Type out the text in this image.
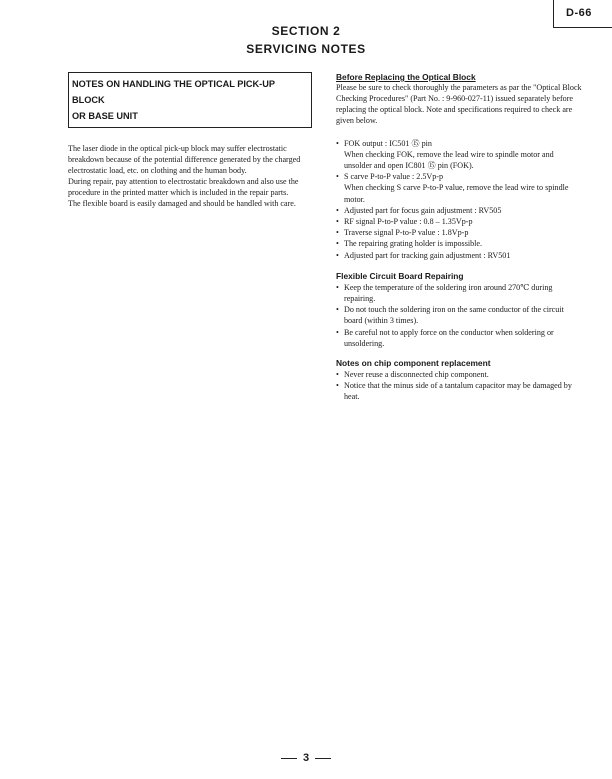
D-66
SECTION 2
SERVICING NOTES
NOTES ON HANDLING THE OPTICAL PICK-UP BLOCK
OR BASE UNIT

The laser diode in the optical pick-up block may suffer electrostatic breakdown because of the potential difference generated by the charged electrostatic load, etc. on clothing and the human body.

During repair, pay attention to electrostatic breakdown and also use the procedure in the printed matter which is included in the repair parts.

The flexible board is easily damaged and should be handled with care.

Before Replacing the Optical Block

Please be sure to check thoroughly the parameters as par the "Optical Block Checking Procedures" (Part No. : 9-960-027-11) issued separately before replacing the optical block. Note and specifications required to check are given below.

• FOK output : IC501 ⑮ pin
When checking FOK, remove the lead wire to spindle motor and unsolder and open IC801 ⑮ pin (FOK).
• S carve P-to-P value : 2.5Vp-p
When checking S carve P-to-P value, remove the lead wire to spindle motor.
• Adjusted part for focus gain adjustment : RV505
• RF signal P-to-P value : 0.8 – 1.35Vp-p
• Traverse signal P-to-P value : 1.8Vp-p
• The repairing grating holder is impossible.
• Adjusted part for tracking gain adjustment : RV501
Flexible Circuit Board Repairing
• Keep the temperature of the soldering iron around 270℃ during repairing.
• Do not touch the soldering iron on the same conductor of the circuit board (within 3 times).
• Be careful not to apply force on the conductor when soldering or unsoldering.
Notes on chip component replacement
• Never reuse a disconnected chip component.
• Notice that the minus side of a tantalum capacitor may be damaged by heat.
3
